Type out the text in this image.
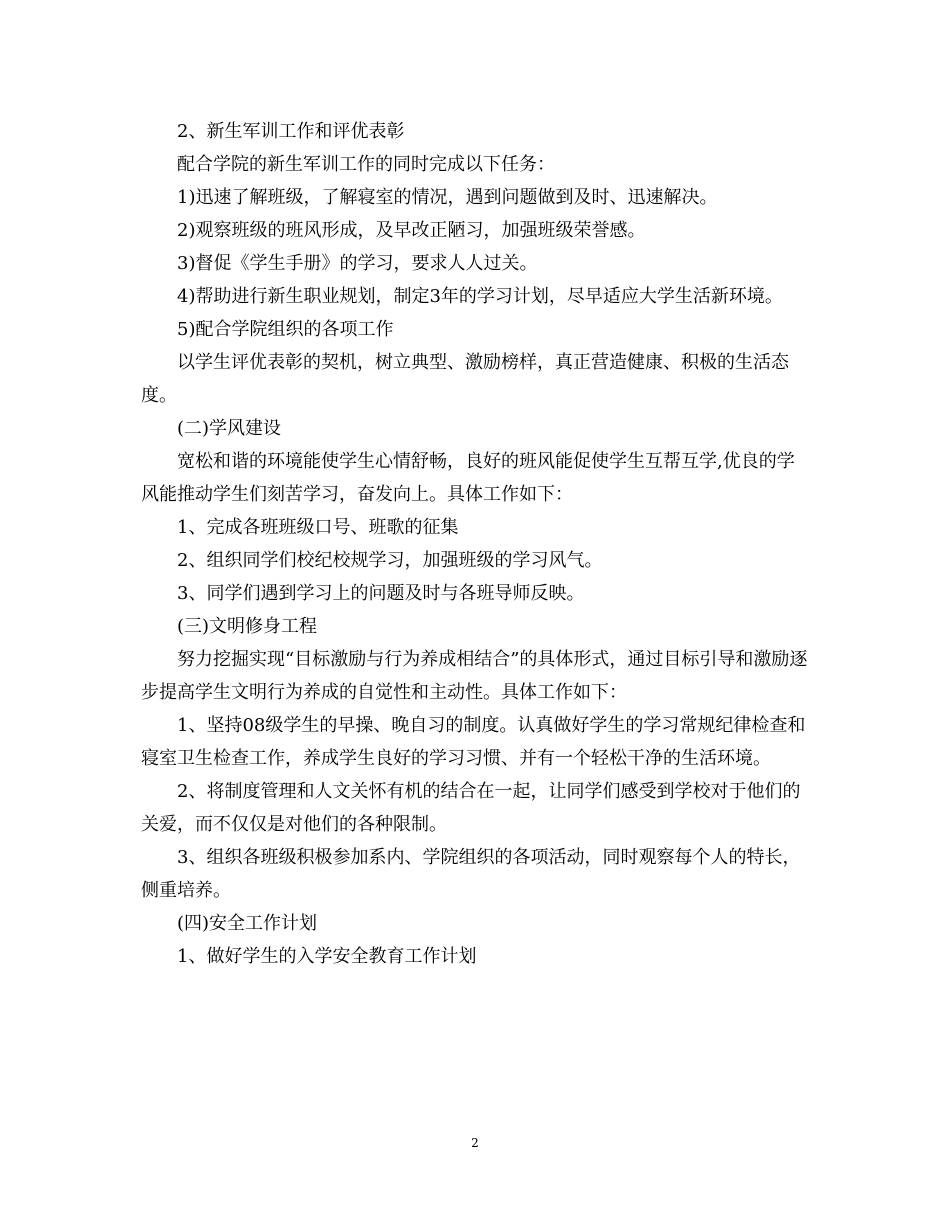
2、新生军训工作和评优表彰

配合学院的新生军训工作的同时完成以下任务：

1)迅速了解班级，了解寝室的情况，遇到问题做到及时、迅速解决。

2)观察班级的班风形成，及早改正陋习，加强班级荣誉感。

3)督促《学生手册》的学习，要求人人过关。

4)帮助进行新生职业规划，制定3年的学习计划，尽早适应大学生活新环境。

5)配合学院组织的各项工作

以学生评优表彰的契机，树立典型、激励榜样，真正营造健康、积极的生活态度。

(二)学风建设

宽松和谐的环境能使学生心情舒畅，良好的班风能促使学生互帮互学,优良的学风能推动学生们刻苦学习，奋发向上。具体工作如下：

1、完成各班班级口号、班歌的征集

2、组织同学们校纪校规学习，加强班级的学习风气。

3、同学们遇到学习上的问题及时与各班导师反映。

(三)文明修身工程

努力挖掘实现“目标激励与行为养成相结合”的具体形式，通过目标引导和激励逐步提高学生文明行为养成的自觉性和主动性。具体工作如下：

1、坚持08级学生的早操、晚自习的制度。认真做好学生的学习常规纪律检查和寝室卫生检查工作，养成学生良好的学习习惯、并有一个轻松干净的生活环境。

2、将制度管理和人文关怀有机的结合在一起，让同学们感受到学校对于他们的关爱，而不仅仅是对他们的各种限制。

3、组织各班级积极参加系内、学院组织的各项活动，同时观察每个人的特长，侧重培养。

(四)安全工作计划

1、做好学生的入学安全教育工作计划

2
